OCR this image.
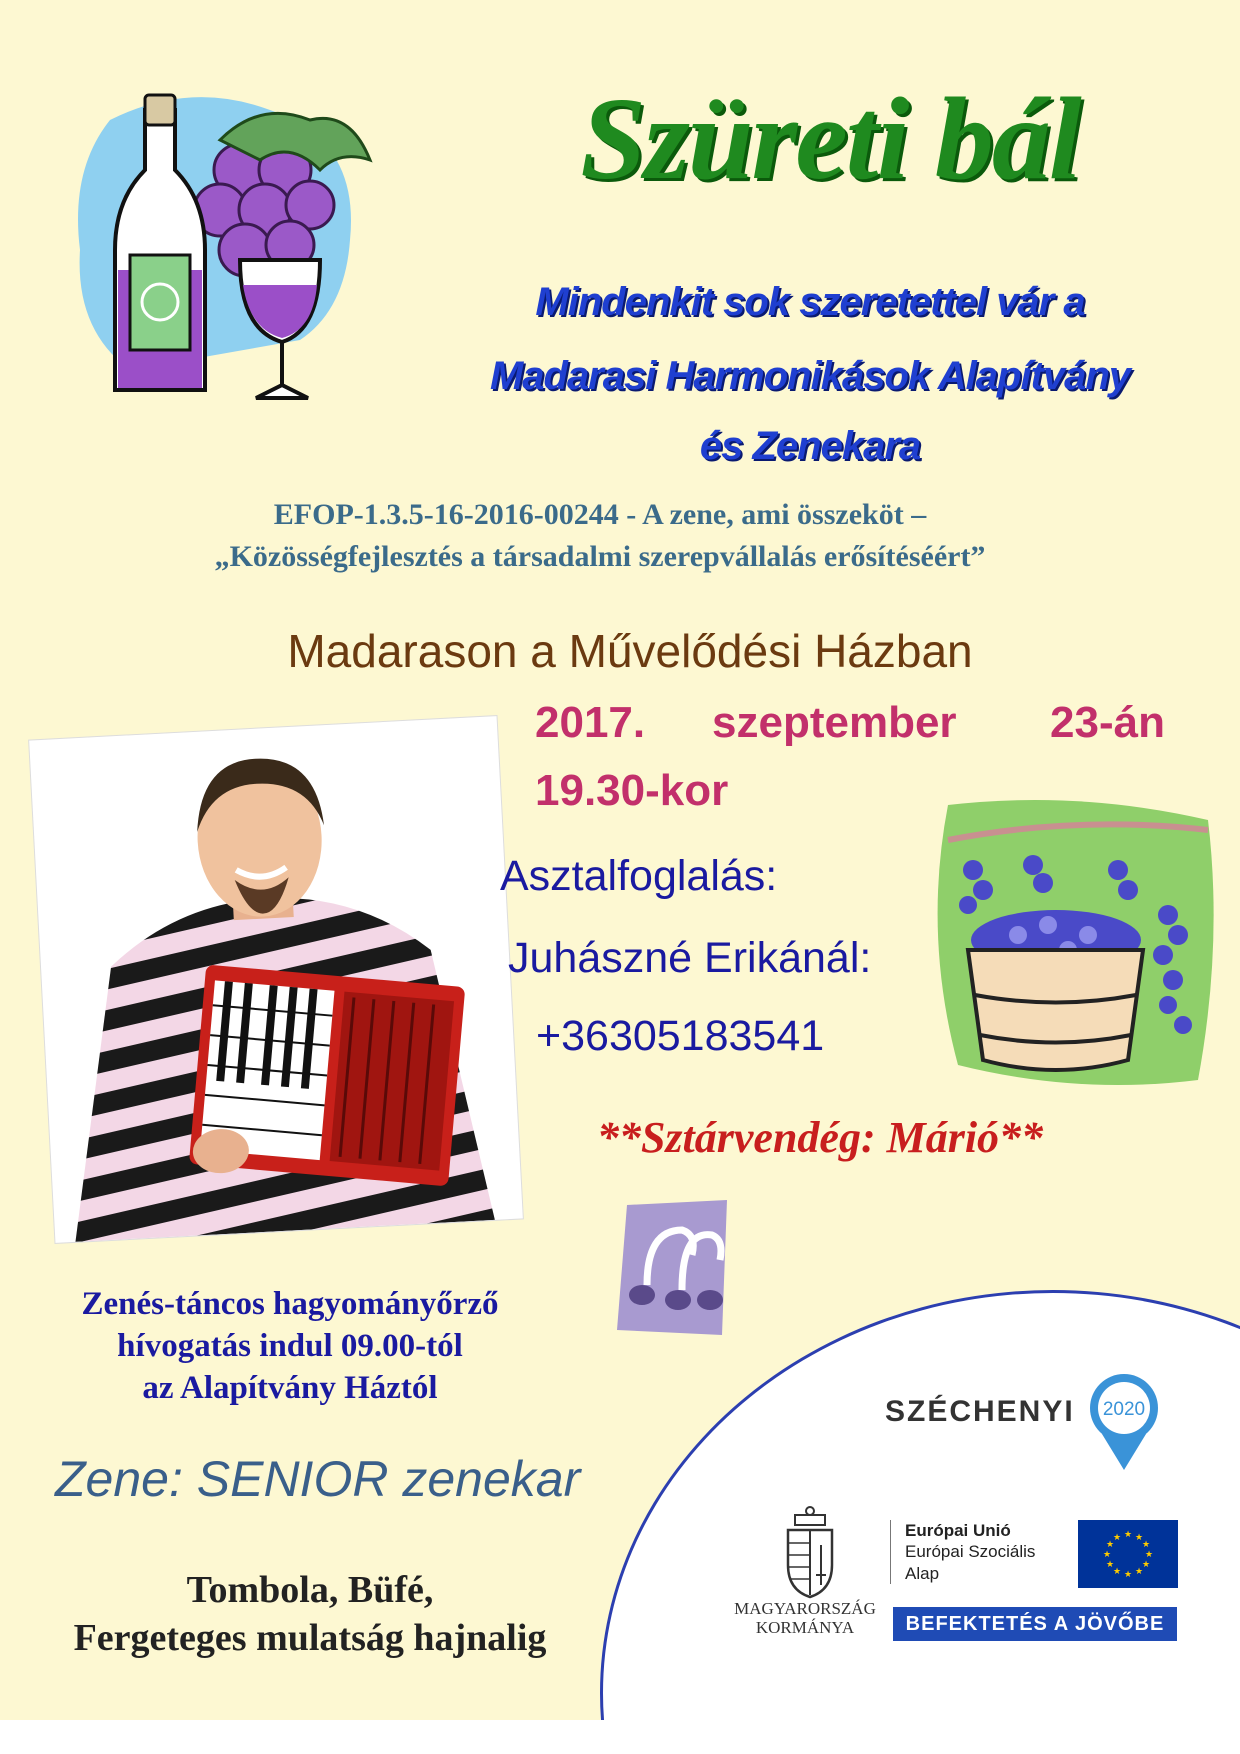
Szüreti bál
Mindenkit sok szeretettel vár a
Madarasi Harmonikások Alapítvány
és Zenekara
EFOP-1.3.5-16-2016-00244 - A zene, ami összeköt –
„Közösségfejlesztés a társadalmi szerepvállalás erősítéséért”
Madarason a Művelődési Házban
2017. szeptember 23-án
19.30-kor
Asztalfoglalás:
Juhászné Erikánál:
+36305183541
**Sztárvendég: Márió**
Zenés-táncos hagyományőrző
hívogatás indul 09.00-tól
az Alapítvány Háztól
Zene: SENIOR zenekar
Tombola, Büfé,
Fergeteges mulatság hajnalig
SZÉCHENYI 2020
MAGYARORSZÁG
KORMÁNYA
Európai Unió
Európai Szociális
Alap
★ ★
★
★
★
★
★
★
★
★
★
★
BEFEKTETÉS A JÖVŐBE
